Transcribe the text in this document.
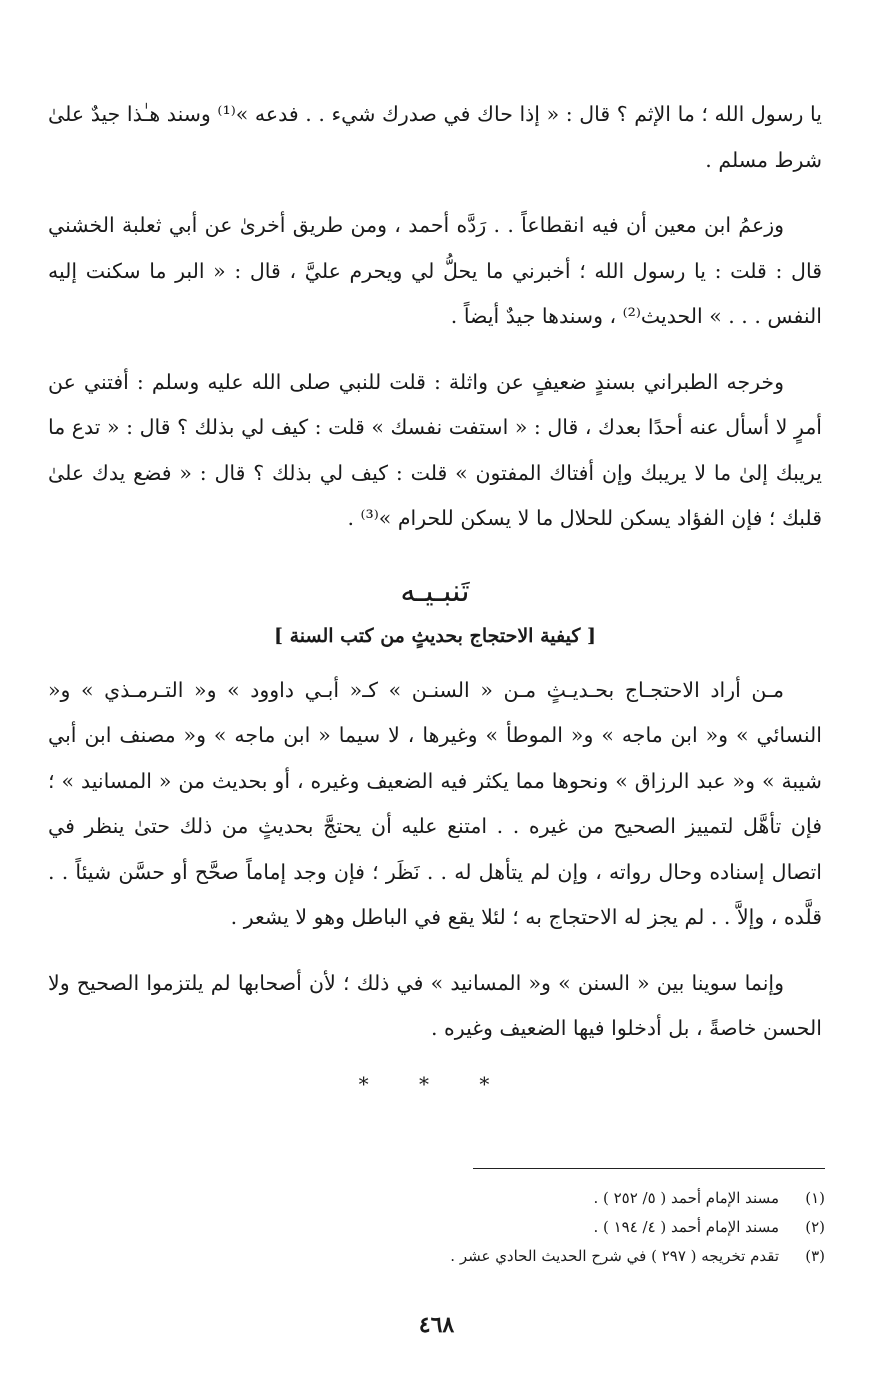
يا رسول الله ؛ ما الإثم ؟ قال : « إذا حاك في صدرك شيء . . فدعه »⁽¹⁾ وسند هـٰذا جيدٌ علىٰ شرط مسلم .

وزعمُ ابن معين أن فيه انقطاعاً . . رَدَّه أحمد ، ومن طريق أخرىٰ عن أبي ثعلبة الخشني قال : قلت : يا رسول الله ؛ أخبرني ما يحلُّ لي ويحرم عليَّ ، قال : « البر ما سكنت إليه النفس . . . » الحديث⁽²⁾ ، وسندها جيدٌ أيضاً .

وخرجه الطبراني بسندٍ ضعيفٍ عن واثلة : قلت للنبي صلى الله عليه وسلم : أفتني عن أمرٍ لا أسأل عنه أحدًا بعدك ، قال : « استفت نفسك » قلت : كيف لي بذلك ؟ قال : « تدع ما يريبك إلىٰ ما لا يريبك وإن أفتاك المفتون » قلت : كيف لي بذلك ؟ قال : « فضع يدك علىٰ قلبك ؛ فإن الفؤاد يسكن للحلال ما لا يسكن للحرام »⁽³⁾ .

تَنبـيـه
[ كيفية الاحتجاج بحديثٍ من كتب السنة ]

مـن أراد الاحتجـاج بحـديـثٍ مـن « السنـن » كـ« أبـي داوود » و« التـرمـذي » و« النسائي » و« ابن ماجه » و« الموطأ » وغيرها ، لا سيما « ابن ماجه » و« مصنف ابن أبي شيبة » و« عبد الرزاق » ونحوها مما يكثر فيه الضعيف وغيره ، أو بحديث من « المسانيد » ؛ فإن تأهَّل لتمييز الصحيح من غيره . . امتنع عليه أن يحتجَّ بحديثٍ من ذلك حتىٰ ينظر في اتصال إسناده وحال رواته ، وإن لم يتأهل له . . نَظَر ؛ فإن وجد إماماً صحَّح أو حسَّن شيئاً . . قلَّده ، وإلاَّ . . لم يجز له الاحتجاج به ؛ لئلا يقع في الباطل وهو لا يشعر .

وإنما سوينا بين « السنن » و« المسانيد » في ذلك ؛ لأن أصحابها لم يلتزموا الصحيح ولا الحسن خاصةً ، بل أدخلوا فيها الضعيف وغيره .

* * *
(١)
مسند الإمام أحمد ( ٥/ ٢٥٢ ) .
(٢)
مسند الإمام أحمد ( ٤/ ١٩٤ ) .
(٣)
تقدم تخريجه ( ٢٩٧ ) في شرح الحديث الحادي عشر .
٤٦٨
